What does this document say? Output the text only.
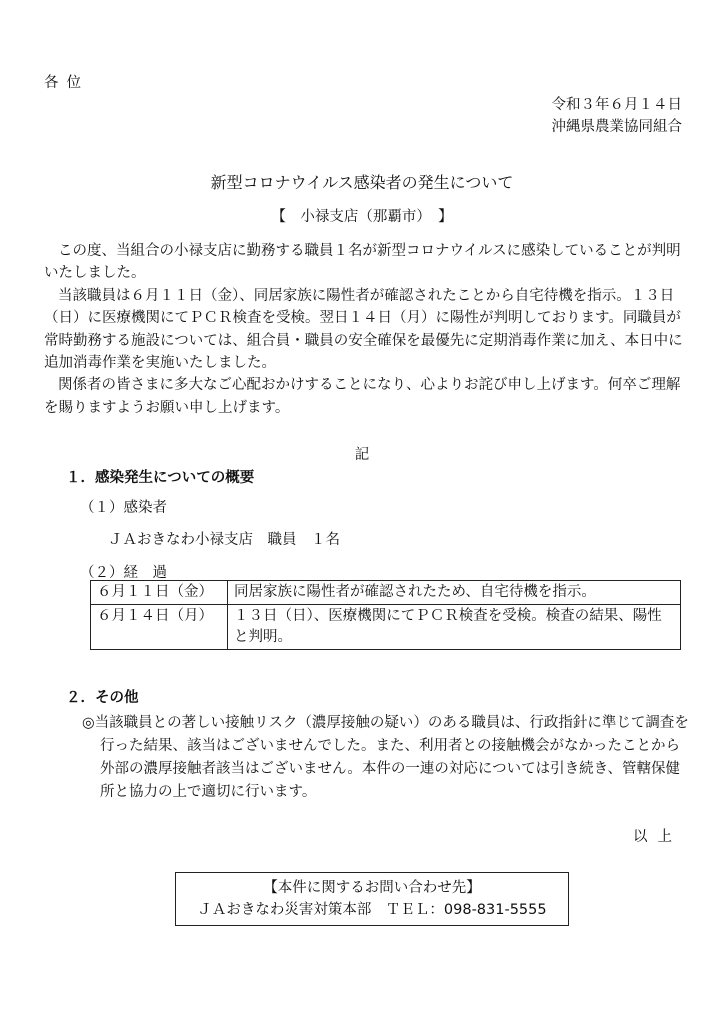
各位
令和３年６月１４日
沖縄県農業協同組合
新型コロナウイルス感染者の発生について
【　小禄支店（那覇市）　】

この度、当組合の小禄支店に勤務する職員１名が新型コロナウイルスに感染していることが判明いたしました。

当該職員は６月１１日（金）、同居家族に陽性者が確認されたことから自宅待機を指示。１３日（日）に医療機関にてＰＣＲ検査を受検。翌日１４日（月）に陽性が判明しております。同職員が常時勤務する施設については、組合員・職員の安全確保を最優先に定期消毒作業に加え、本日中に追加消毒作業を実施いたしました。

関係者の皆さまに多大なご心配おかけすることになり、心よりお詫び申し上げます。何卒ご理解を賜りますようお願い申し上げます。

記
１．感染発生についての概要
（１）感染者
ＪＡおきなわ小禄支店　職員　１名
（２）経　過
６月１１日（金）	同居家族に陽性者が確認されたため、自宅待機を指示。
６月１４日（月）	１３日（日）、医療機関にてＰＣＲ検査を受検。検査の結果、陽性と判明。
２．その他

◎当該職員との著しい接触リスク（濃厚接触の疑い）のある職員は、行政指針に準じて調査を行った結果、該当はございませんでした。また、利用者との接触機会がなかったことから外部の濃厚接触者該当はございません。本件の一連の対応については引き続き、管轄保健所と協力の上で適切に行います。

以上
【本件に関するお問い合わせ先】
ＪＡおきなわ災害対策本部　ＴＥＬ：098-831-5555
